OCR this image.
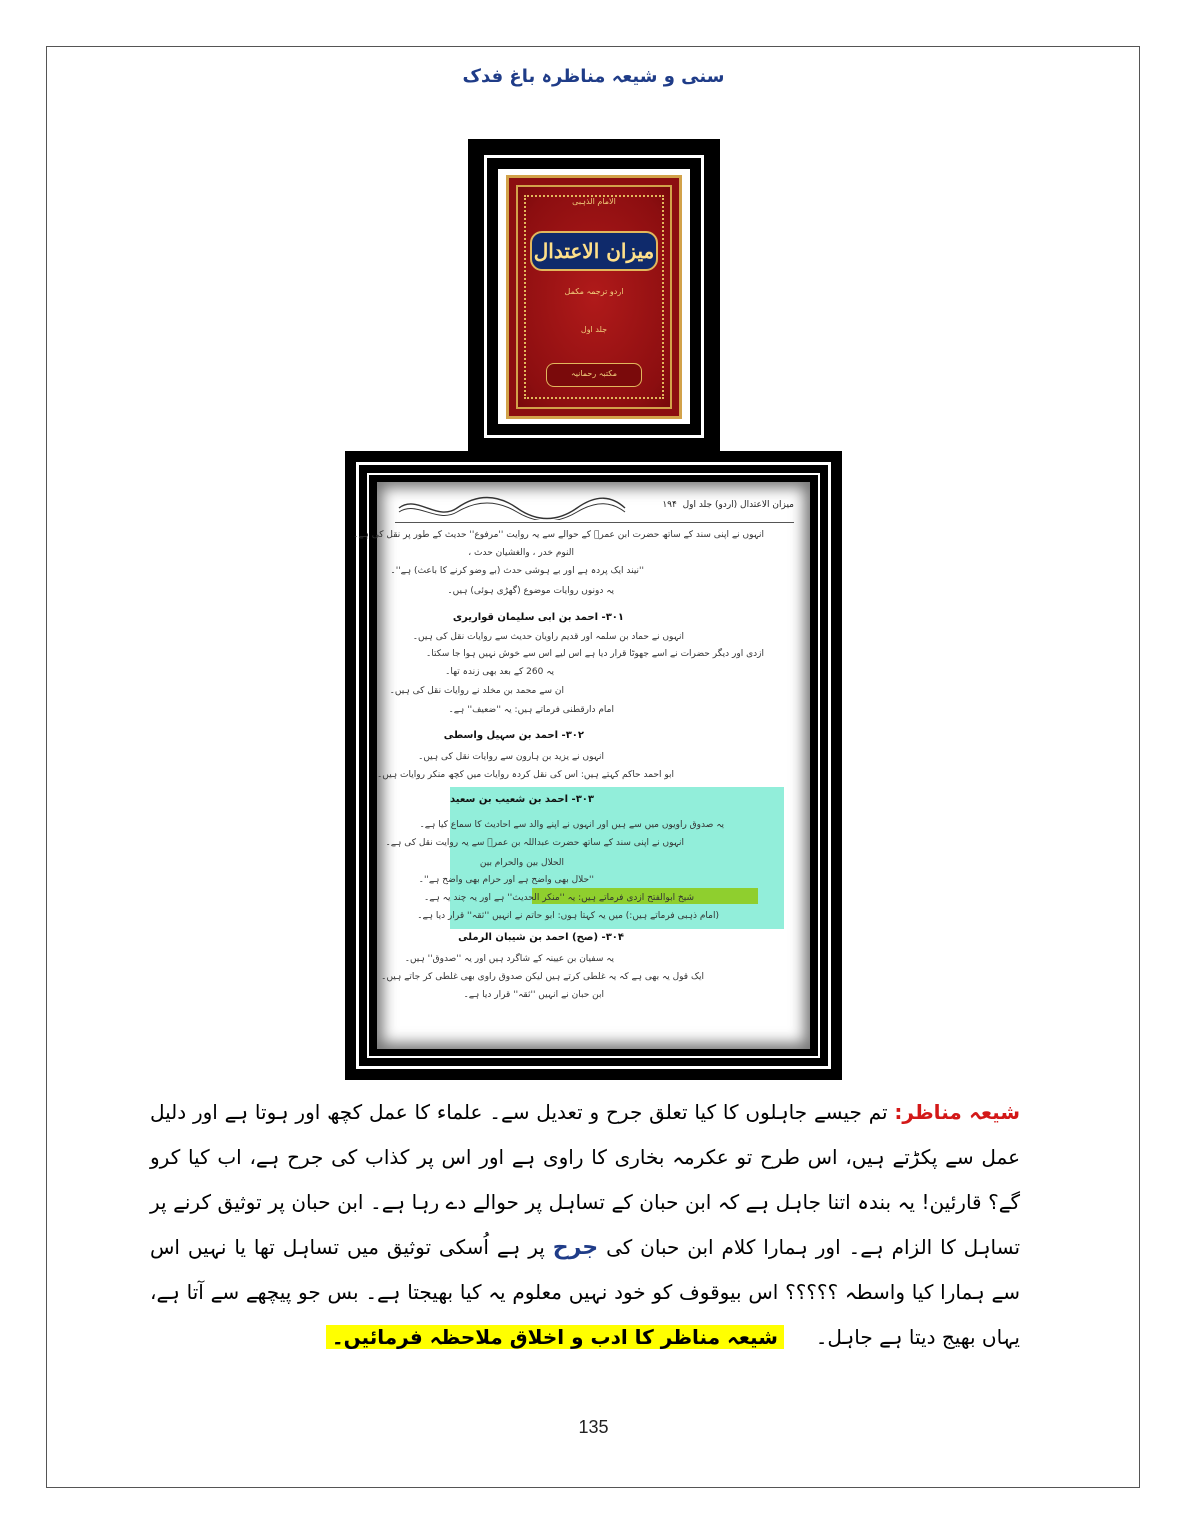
سنی و شیعہ مناظرہ باغ فدک
الامام الذہبی
میزان الاعتدال
اردو ترجمہ مکمل
جلد اول
مکتبہ رحمانیہ
میزان الاعتدال (اردو) جلد اول  ۱۹۴
انہوں نے اپنی سند کے ساتھ حضرت ابن عمرؓ کے حوالے سے یہ روایت ''مرفوع'' حدیث کے طور پر نقل کی ہے۔
النوم خدر ، والغشیان حدث ،
''نیند ایک پردہ ہے اور بے ہوشی حدث (بے وضو کرنے کا باعث) ہے''۔
یہ دونوں روایات موضوع (گھڑی ہوئی) ہیں۔
۳۰۱- احمد بن ابی سلیمان قواریری
انہوں نے حماد بن سلمہ اور قدیم راویان حدیث سے روایات نقل کی ہیں۔
ازدی اور دیگر حضرات نے اسے جھوٹا قرار دیا ہے اس لیے اس سے خوش نہیں ہوا جا سکتا۔
یہ 260 کے بعد بھی زندہ تھا۔
ان سے محمد بن مخلد نے روایات نقل کی ہیں۔
امام دارقطنی فرماتے ہیں: یہ ''ضعیف'' ہے۔
۳۰۲- احمد بن سہیل واسطی
انہوں نے یزید بن ہارون سے روایات نقل کی ہیں۔
ابو احمد حاکم کہتے ہیں: اس کی نقل کردہ روایات میں کچھ منکر روایات ہیں۔
۳۰۳- احمد بن شعیب بن سعید
یہ صدوق راویوں میں سے ہیں اور انہوں نے اپنے والد سے احادیث کا سماع کیا ہے۔
انہوں نے اپنی سند کے ساتھ حضرت عبداللہ بن عمرؓ سے یہ روایت نقل کی ہے۔
الحلال بین والحرام بین
''حلال بھی واضح ہے اور حرام بھی واضح ہے''۔
شیخ ابوالفتح ازدی فرماتے ہیں: یہ ''منکر الحدیث'' ہے اور یہ چند یہ ہے۔
(امام ذہبی فرماتے ہیں:) میں یہ کہتا ہوں: ابو حاتم نے انہیں ''ثقہ'' قرار دیا ہے۔
۳۰۴- (صح) احمد بن شیبان الرملی
یہ سفیان بن عیینہ کے شاگرد ہیں اور یہ ''صدوق'' ہیں۔
ایک قول یہ بھی ہے کہ یہ غلطی کرتے ہیں لیکن صدوق راوی بھی غلطی کر جاتے ہیں۔
ابن حبان نے انہیں ''ثقہ'' قرار دیا ہے۔
شیعہ مناظر: تم جیسے جاہلوں کا کیا تعلق جرح و تعدیل سے۔ علماء کا عمل کچھ اور ہوتا ہے اور دلیل عمل سے پکڑتے ہیں، اس طرح تو عکرمہ بخاری کا راوی ہے اور اس پر کذاب کی جرح ہے، اب کیا کرو گے؟ قارئین! یہ بندہ اتنا جاہل ہے کہ ابن حبان کے تساہل پر حوالے دے رہا ہے۔ ابن حبان پر توثیق کرنے پر تساہل کا الزام ہے۔ اور ہمارا کلام ابن حبان کی جرح پر ہے اُسکی توثیق میں تساہل تھا یا نہیں اس سے ہمارا کیا واسطہ ؟؟؟؟؟ اس بیوقوف کو خود نہیں معلوم یہ کیا بھیجتا ہے۔ بس جو پیچھے سے آتا ہے، یہاں بھیج دیتا ہے جاہل۔     شیعہ مناظر کا ادب و اخلاق ملاحظہ فرمائیں۔
135
